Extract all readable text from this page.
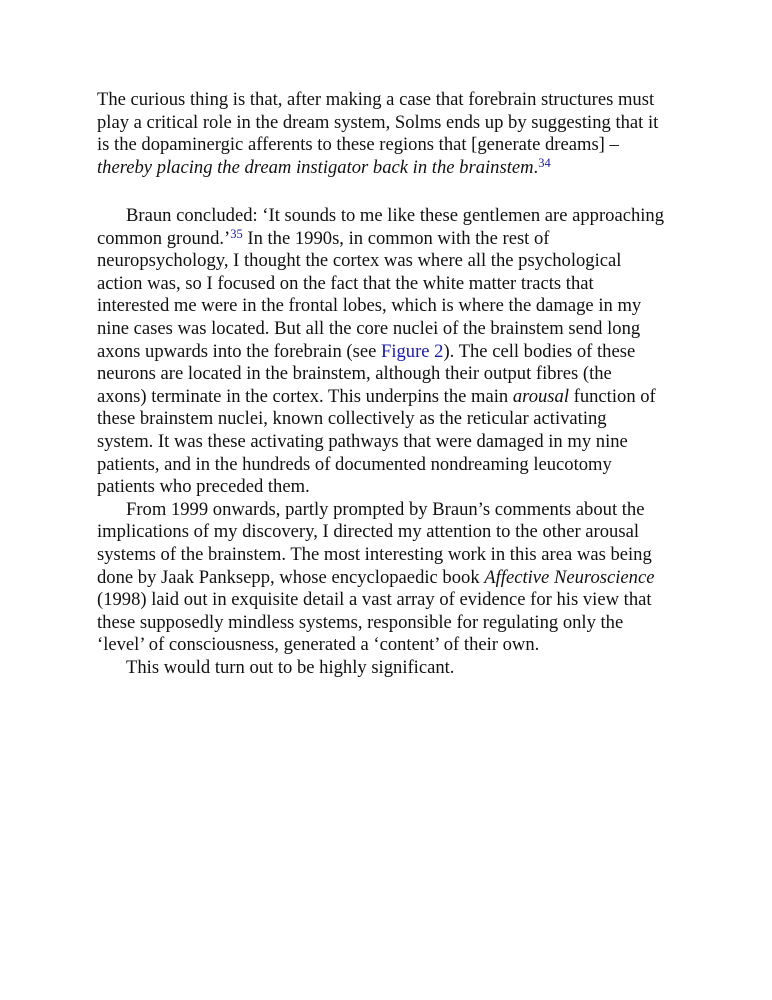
The curious thing is that, after making a case that forebrain structures must
play a critical role in the dream system, Solms ends up by suggesting that it
is the dopaminergic afferents to these regions that [generate dreams] –
thereby placing the dream instigator back in the brainstem.$^{34}$

Braun concluded: ‘It sounds to me like these gentlemen are approaching
common ground.’$^{35}$ In the 1990s, in common with the rest of
neuropsychology, I thought the cortex was where all the psychological
action was, so I focused on the fact that the white matter tracts that
interested me were in the frontal lobes, which is where the damage in my
nine cases was located. But all the core nuclei of the brainstem send long
axons upwards into the forebrain (see Figure 2). The cell bodies of these
neurons are located in the brainstem, although their output fibres (the
axons) terminate in the cortex. This underpins the main arousal function of
these brainstem nuclei, known collectively as the reticular activating
system. It was these activating pathways that were damaged in my nine
patients, and in the hundreds of documented nondreaming leucotomy
patients who preceded them.

From 1999 onwards, partly prompted by Braun’s comments about the
implications of my discovery, I directed my attention to the other arousal
systems of the brainstem. The most interesting work in this area was being
done by Jaak Panksepp, whose encyclopaedic book Affective Neuroscience
(1998) laid out in exquisite detail a vast array of evidence for his view that
these supposedly mindless systems, responsible for regulating only the
‘level’ of consciousness, generated a ‘content’ of their own.

This would turn out to be highly significant.
